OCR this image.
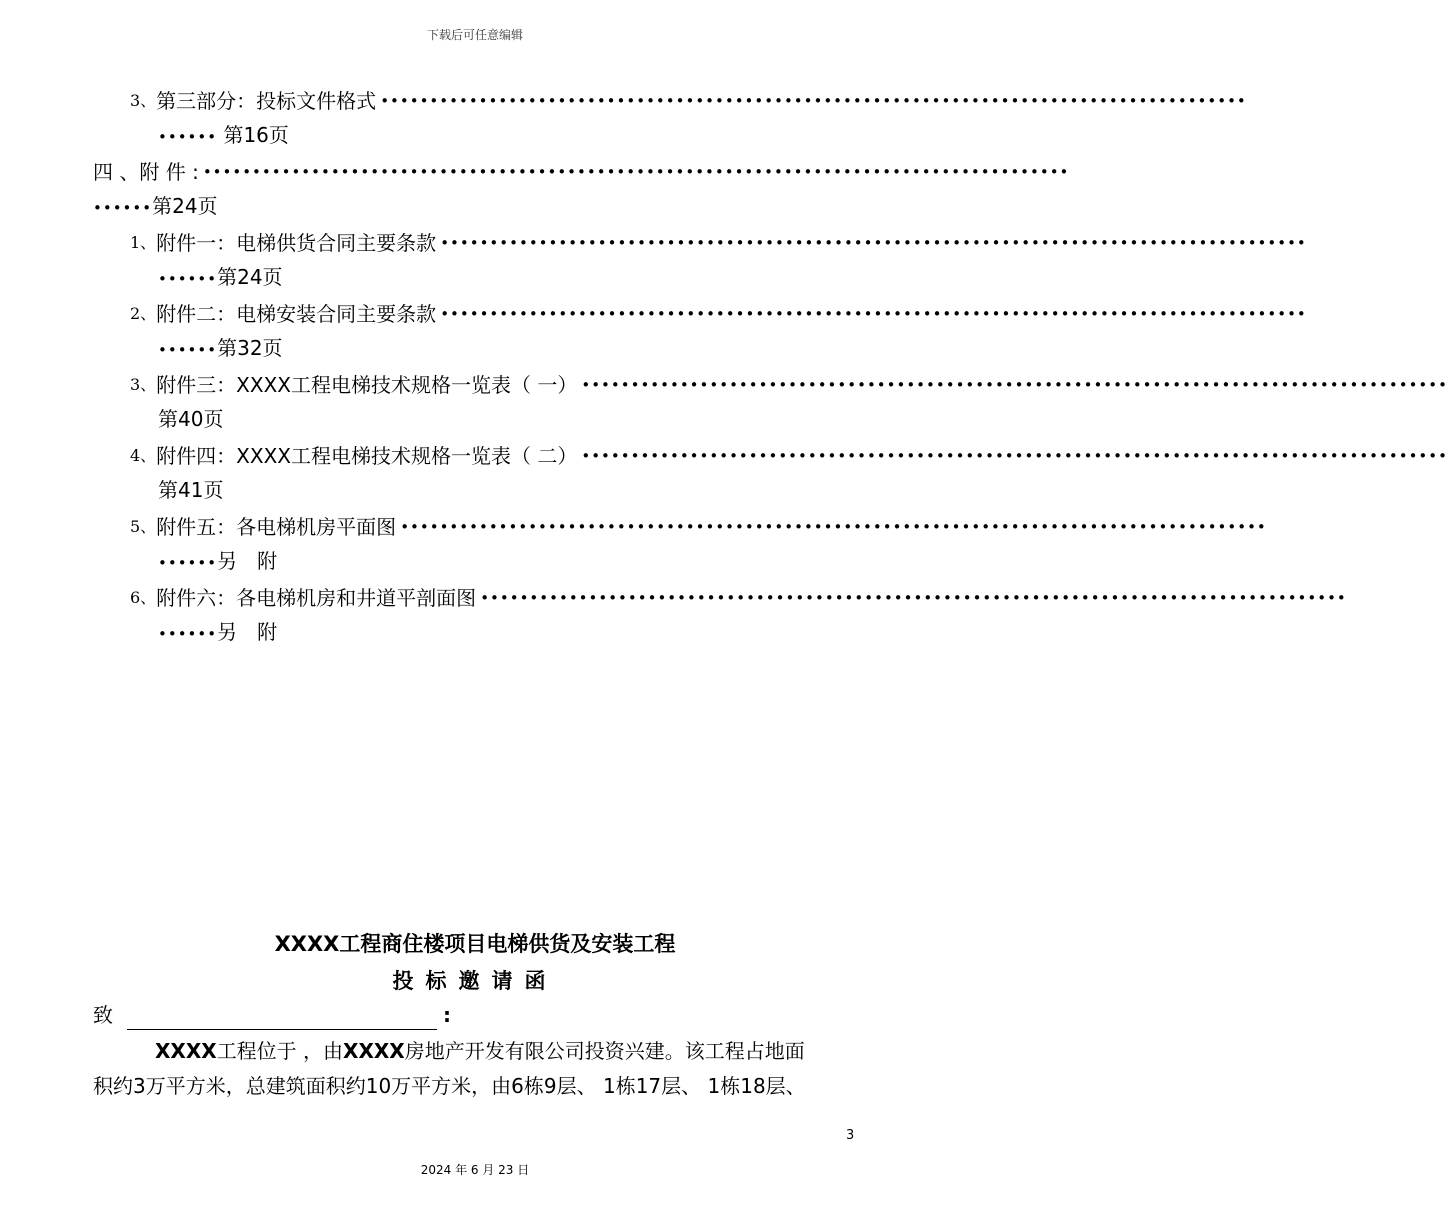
下载后可任意编辑
3、 第三部分：投标文件格式 ••••••••••••••••••••••••••••••••••••••••••••••••••••••••••••••••••••••••••••••••••••••••
•••••• 第16页
四 、 附 件 : ••••••••••••••••••••••••••••••••••••••••••••••••••••••••••••••••••••••••••••••••••••••••
••••••第24页
1、 附件一：电梯供货合同主要条款 ••••••••••••••••••••••••••••••••••••••••••••••••••••••••••••••••••••••••••••••••••••••••
••••••第24页
2、 附件二：电梯安装合同主要条款 ••••••••••••••••••••••••••••••••••••••••••••••••••••••••••••••••••••••••••••••••••••••••
••••••第32页
3、 附件三：XXXX工程电梯技术规格一览表（ 一） ••••••••••••••••••••••••••••••••••••••••••••••••••••••••••••••••••••••••••••••••••••••••
第40页
4、 附件四：XXXX工程电梯技术规格一览表（ 二） ••••••••••••••••••••••••••••••••••••••••••••••••••••••••••••••••••••••••••••••••••••••••
第41页
5、 附件五：各电梯机房平面图 ••••••••••••••••••••••••••••••••••••••••••••••••••••••••••••••••••••••••••••••••••••••••
••••••另　附
6、 附件六：各电梯机房和井道平剖面图 ••••••••••••••••••••••••••••••••••••••••••••••••••••••••••••••••••••••••••••••••••••••••
••••••另　附
XXXX工程商住楼项目电梯供货及安装工程
投标邀请函
致	:
XXXX工程位于 ，由XXXX房地产开发有限公司投资兴建。该工程占地面
积约3万平方米，总建筑面积约10万平方米，由6栋9层、 1栋17层、 1栋18层、
3
2024 年 6 月 23 日
